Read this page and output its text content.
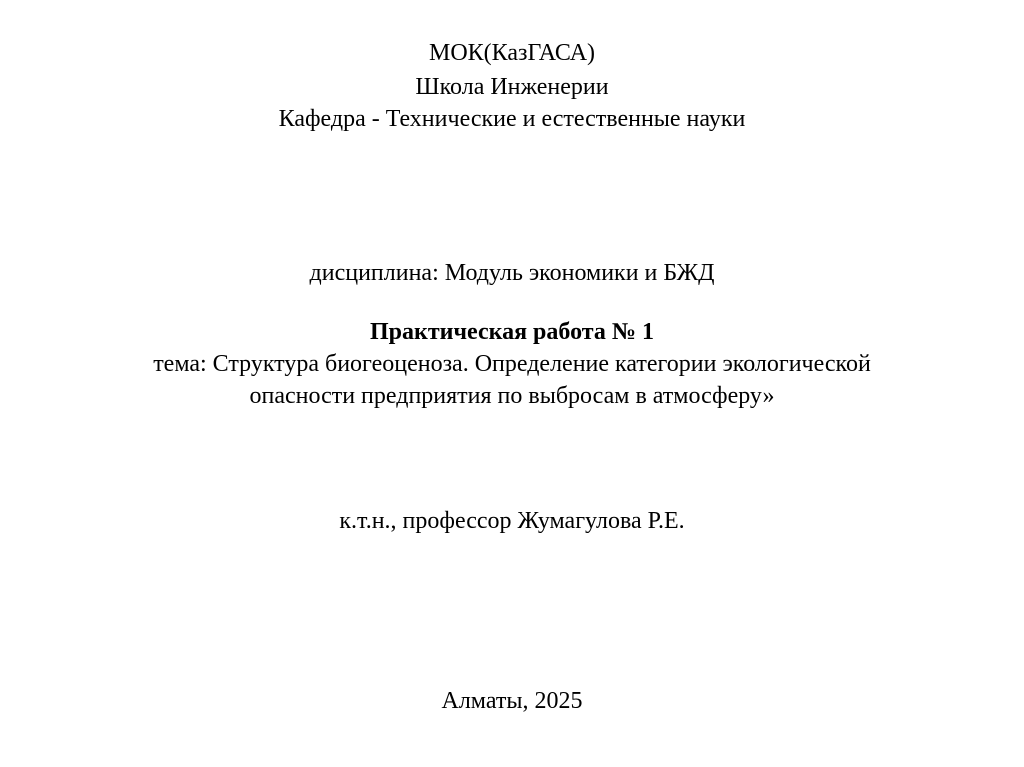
МОК(КазГАСА)
Школа Инженерии
Кафедра - Технические и естественные науки
дисциплина: Модуль экономики и БЖД
Практическая работа № 1
тема: Структура биогеоценоза. Определение категории экологической
опасности предприятия по выбросам в атмосферу»
к.т.н., профессор Жумагулова Р.Е.
Алматы, 2025
